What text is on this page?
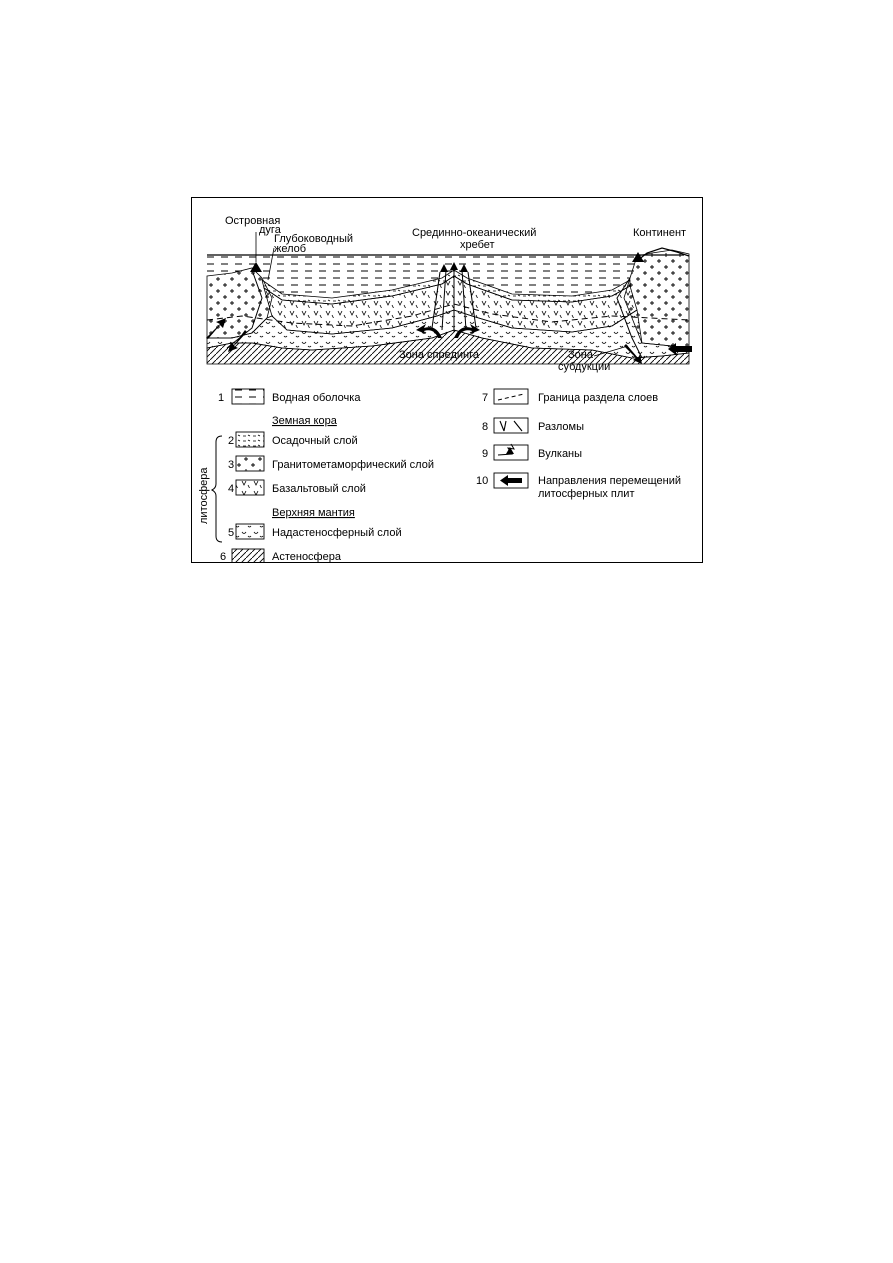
Островная
дуга
Глубоководный
желоб
Срединно-океанический
хребет
Континент
Зона спрединга	Зона
субдукции
литосфера
Земная кора
Верхняя мантия
1	Водная оболочка
2	Осадочный слой
3	Гранитометаморфический слой
4	Базальтовый слой
5	Надастеносферный слой
6	Астеносфера
7	Граница раздела слоев
8	Разломы
9	Вулканы
10	Направления перемещений
литосферных плит
